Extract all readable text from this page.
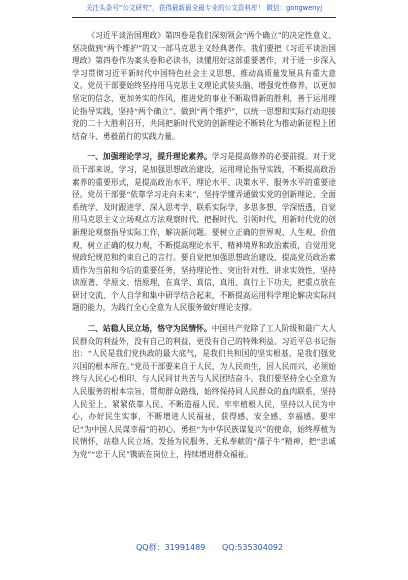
关注头条号“公文研究”，获得最新最全最专业的公文资料库！ 微信：gongwenyj

《习近平谈治国理政》第四卷是我们深刻领会“两个确立”的决定性意义、坚决做到“两个维护”的又一部马克思主义经典著作。我们要把《习近平谈治国理政》第四卷作为案头卷和必读书，读懂用好这部重要著作，对于进一步深入学习贯彻习近平新时代中国特色社会主义思想、推动高质量发展具有重大意义。党员干部要始终坚持用马克思主义理论武装头脑、增强党性修养，以更加坚定的信念、更加务实的作风，推进党的事业不断取得新的胜利，善于运用理论指导实践，坚持“两个确立”、做到“两个维护”，以统一思想和实际行动迎接党的二十大胜利召开，共同把新时代党的创新理论不断转化为推动新征程上团结奋斗、勇毅前行的实践力量。

一、加强理论学习，提升理论素养。学习是提高修养的必要前提。对于党员干部来说，学习，是加强思想政治建设，运用理论指导实践，不断提高政治素养的重要形式，是提高政治水平、理论水平、决策水平、服务水平的重要途径。党员干部要“依靠学习走向未来”，坚持学懂弄通做实党的创新理论，全面系统学、及时跟进学、深入思考学、联系实际学，多思多想、学深悟透，自觉用马克思主义立场观点方法观察时代、把握时代、引领时代，用新时代党的创新理论观察指导实际工作，解决新问题。要树立正确的世界观、人生观、价值观，树立正确的权力观，不断提高理论水平、精神境界和政治素质，自觉用党规政纪规范和约束自己的言行。要自觉把加强思想政治建设、提高党员政治素质作为当前和今后的重要任务，坚持理论性、突出针对性、讲求实效性，坚持读原著、学原文、悟原理，在真学、真信、真用、真行上下功夫，把重点放在研讨交流、个人自学和集中研学结合起来，不断提高运用科学理论解决实际问题的能力，为践行全心全意为人民服务做好理论支撑。

二、站稳人民立场，恪守为民情怀。中国共产党除了工人阶级和最广大人民群众的利益外，没有自己的利益，更没有自己的特殊利益。习近平总书记指出：“人民是我们党执政的最大底气，是我们共和国的坚实根基，是我们强党兴国的根本所在。”党员干部要来自于人民，为人民而生，因人民而兴，必须始终与人民心心相印、与人民同甘共苦与人民团结奋斗。我们要坚持全心全意为人民服务的根本宗旨，贯彻群众路线，始终保持同人民群众的血肉联系，坚持人民至上、紧紧依靠人民、不断造福人民、牢牢植根人民，坚持以人民为中心，办好民生实事，不断增进人民福祉，获得感、安全感、幸福感。要牢记“为中国人民谋幸福”的初心，勇担“为中华民族谋复兴”的使命，始终厚植为民情怀，站稳人民立场，发扬为民服务、无私奉献的“孺子牛”精神，把“忠诚为党”“忠于人民”镌嵌在岗位上，持续增进群众福祉。

QQ群：31991489 QQ:535304092
